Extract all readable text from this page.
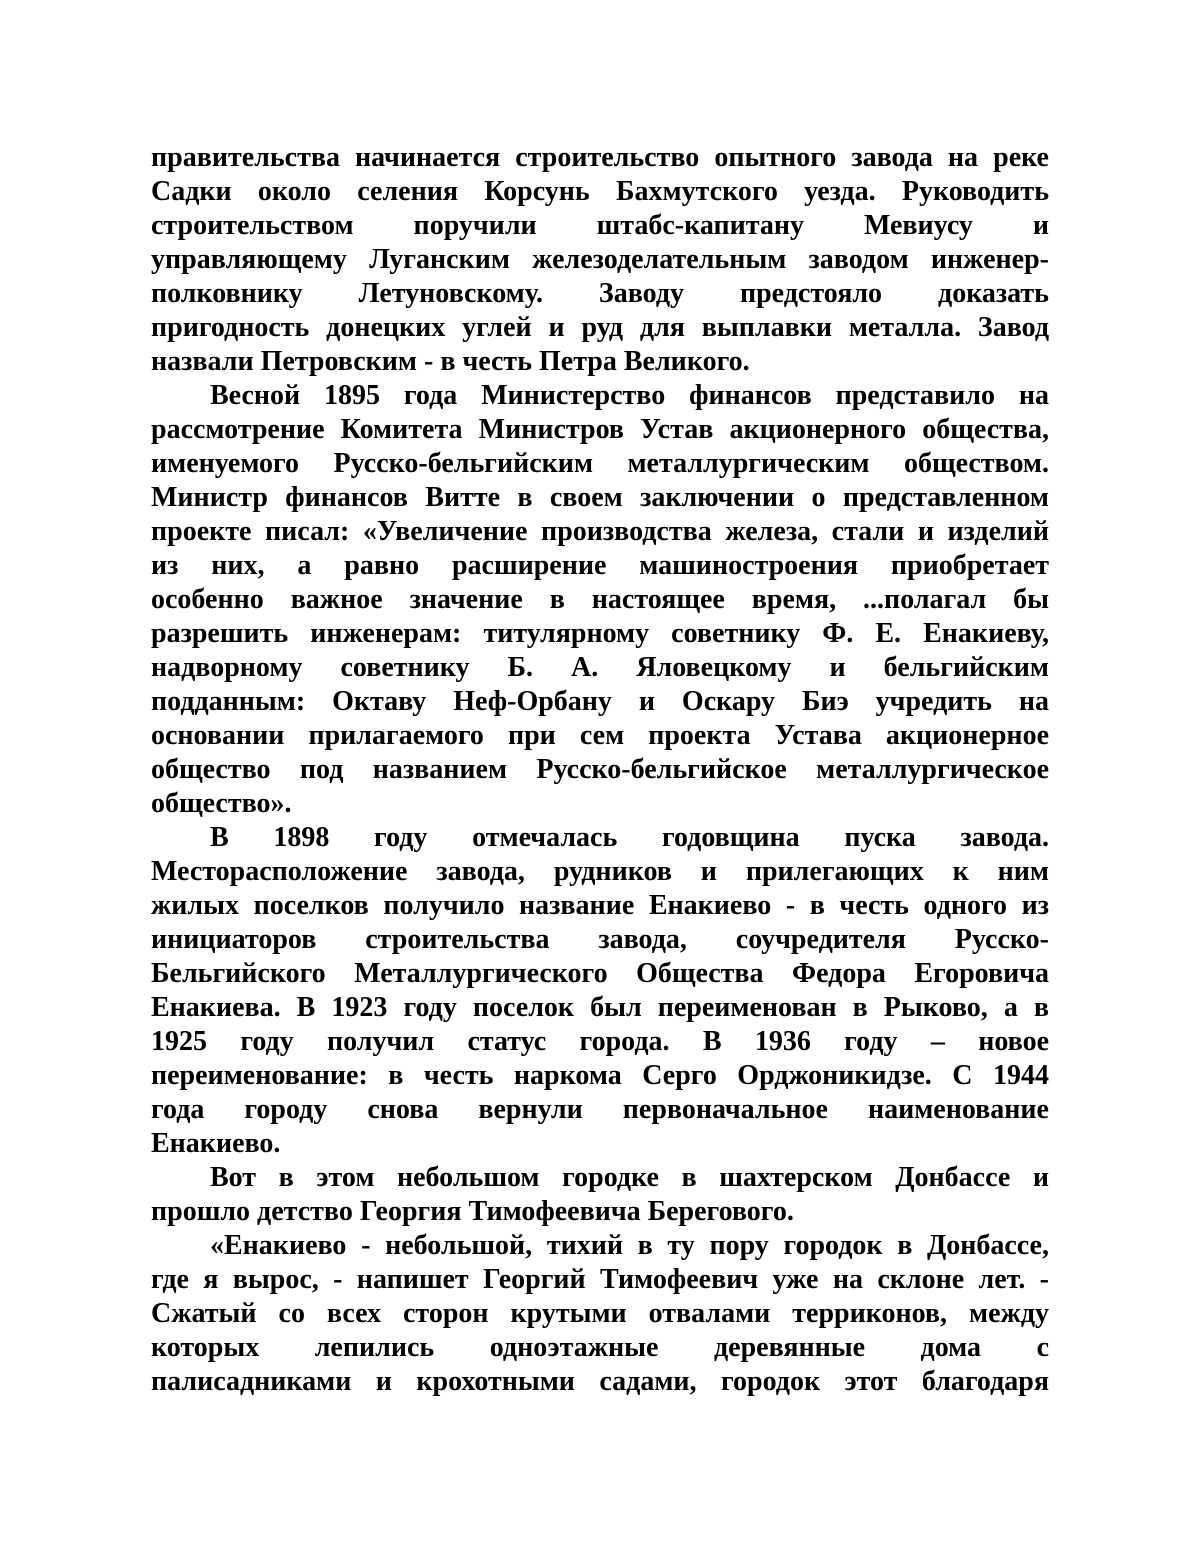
правительства начинается строительство опытного завода на реке
Садки около селения Корсунь Бахмутского уезда. Руководить
строительством поручили штабс-капитану Мевиусу и
управляющему Луганским железоделательным заводом инженер-
полковнику Летуновскому. Заводу предстояло доказать
пригодность донецких углей и руд для выплавки металла. Завод
назвали Петровским - в честь Петра Великого.
Весной 1895 года Министерство финансов представило на
рассмотрение Комитета Министров Устав акционерного общества,
именуемого Русско-бельгийским металлургическим обществом.
Министр финансов Витте в своем заключении о представленном
проекте писал: «Увеличение производства железа, стали и изделий
из них, а равно расширение машиностроения приобретает
особенно важное значение в настоящее время, ...полагал бы
разрешить инженерам: титулярному советнику Ф. Е. Енакиеву,
надворному советнику Б. А. Яловецкому и бельгийским
подданным: Октаву Неф-Орбану и Оскару Биэ учредить на
основании прилагаемого при сем проекта Устава акционерное
общество под названием Русско-бельгийское металлургическое
общество».
В 1898 году отмечалась годовщина пуска завода.
Месторасположение завода, рудников и прилегающих к ним
жилых поселков получило название Енакиево - в честь одного из
инициаторов строительства завода, соучредителя Русско-
Бельгийского Металлургического Общества Федора Егоровича
Енакиева. В 1923 году поселок был переименован в Рыково, а в
1925 году получил статус города. В 1936 году – новое
переименование: в честь наркома Серго Орджоникидзе. С 1944
года городу снова вернули первоначальное наименование
Енакиево.
Вот в этом небольшом городке в шахтерском Донбассе и
прошло детство Георгия Тимофеевича Берегового.
«Енакиево - небольшой, тихий в ту пору городок в Донбассе,
где я вырос, - напишет Георгий Тимофеевич уже на склоне лет. -
Сжатый со всех сторон крутыми отвалами терриконов, между
которых лепились одноэтажные деревянные дома с
палисадниками и крохотными садами, городок этот благодаря
